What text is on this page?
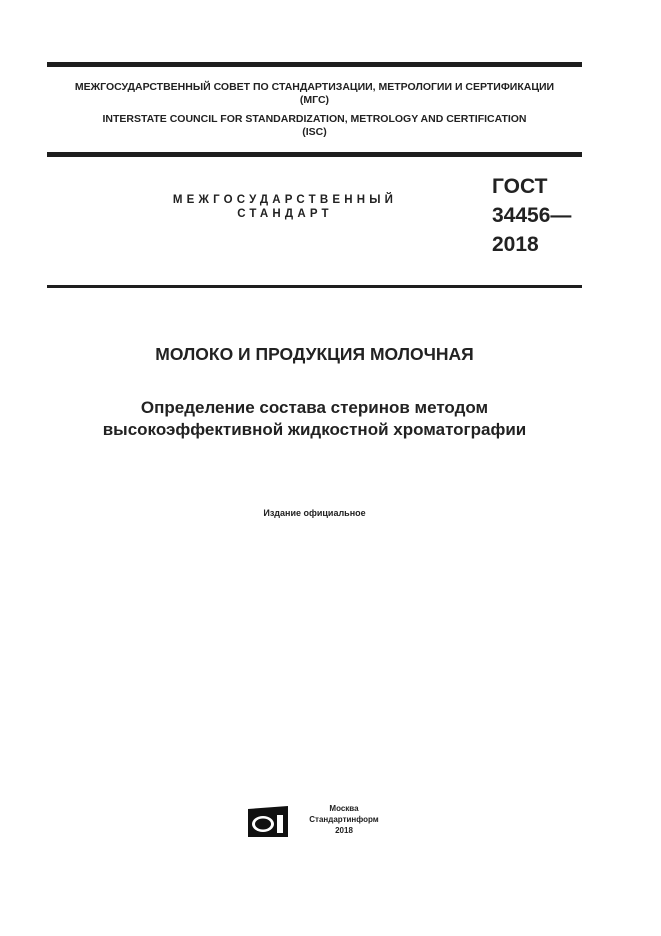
МЕЖГОСУДАРСТВЕННЫЙ СОВЕТ ПО СТАНДАРТИЗАЦИИ, МЕТРОЛОГИИ И СЕРТИФИКАЦИИ
(МГС)
INTERSTATE COUNCIL FOR STANDARDIZATION, METROLOGY AND CERTIFICATION
(ISC)
МЕЖГОСУДАРСТВЕННЫЙ
СТАНДАРТ
ГОСТ
34456—
2018
МОЛОКО И ПРОДУКЦИЯ МОЛОЧНАЯ
Определение состава стеринов методом
высокоэффективной жидкостной хроматографии
Издание официальное
Москва
Стандартинформ
2018
